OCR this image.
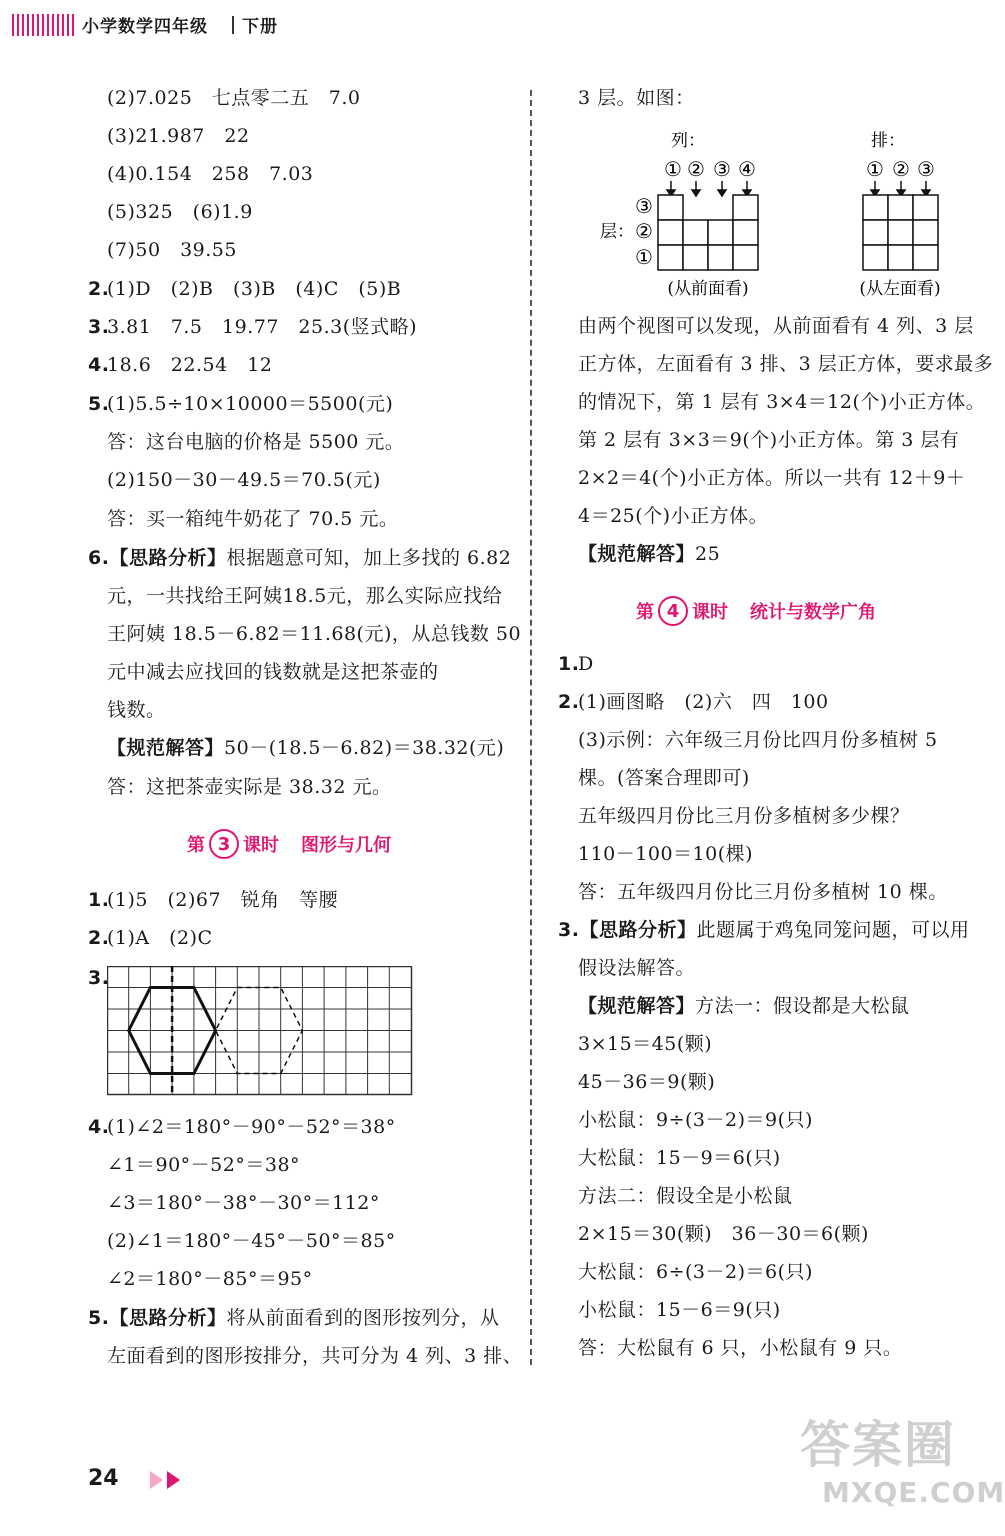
小学数学四年级 下册
(2)7.025　七点零二五　7.0
(3)21.987　22
(4)0.154　258　7.03
(5)325　(6)1.9
(7)50　39.55
2.
(1)D　(2)B　(3)B　(4)C　(5)B
3.
3.81　7.5　19.77　25.3(竖式略)
4.
18.6　22.54　12
5.
(1)5.5÷10×10000＝5500(元)
答：这台电脑的价格是 5500 元。
(2)150－30－49.5＝70.5(元)
答：买一箱纯牛奶花了 70.5 元。
6.【思路分析】根据题意可知，加上多找的 6.82
元，一共找给王阿姨18.5元，那么实际应找给
王阿姨 18.5－6.82＝11.68(元)，从总钱数 50
元中减去应找回的钱数就是这把茶壶的
钱数。
【规范解答】50－(18.5－6.82)＝38.32(元)
答：这把茶壶实际是 38.32 元。
第 3 课时 图形与几何
1.
(1)5　(2)67　锐角　等腰
2.
(1)A　(2)C
3.
4.
(1)∠2＝180°－90°－52°＝38°
∠1＝90°－52°＝38°
∠3＝180°－38°－30°＝112°
(2)∠1＝180°－45°－50°＝85°
∠2＝180°－85°＝95°
5.【思路分析】将从前面看到的图形按列分，从
左面看到的图形按排分，共可分为 4 列、3 排、
3 层。如图：
列：	排：
① ② ③ ④
层：
③
②
①
① ② ③
(从前面看)	(从左面看)
由两个视图可以发现，从前面看有 4 列、3 层
正方体，左面看有 3 排、3 层正方体，要求最多
的情况下，第 1 层有 3×4＝12(个)小正方体。
第 2 层有 3×3＝9(个)小正方体。第 3 层有
2×2＝4(个)小正方体。所以一共有 12＋9＋
4＝25(个)小正方体。
【规范解答】25
第 4 课时 统计与数学广角
1.
D
2.
(1)画图略　(2)六　四　100
(3)示例：六年级三月份比四月份多植树 5
棵。(答案合理即可)
五年级四月份比三月份多植树多少棵？
110－100＝10(棵)
答：五年级四月份比三月份多植树 10 棵。
3.【思路分析】此题属于鸡兔同笼问题，可以用
假设法解答。
【规范解答】方法一：假设都是大松鼠
3×15＝45(颗)
45－36＝9(颗)
小松鼠：9÷(3－2)＝9(只)
大松鼠：15－9＝6(只)
方法二：假设全是小松鼠
2×15＝30(颗)　36－30＝6(颗)
大松鼠：6÷(3－2)＝6(只)
小松鼠：15－6＝9(只)
答：大松鼠有 6 只，小松鼠有 9 只。
24
答案圈
MXQE.COM
